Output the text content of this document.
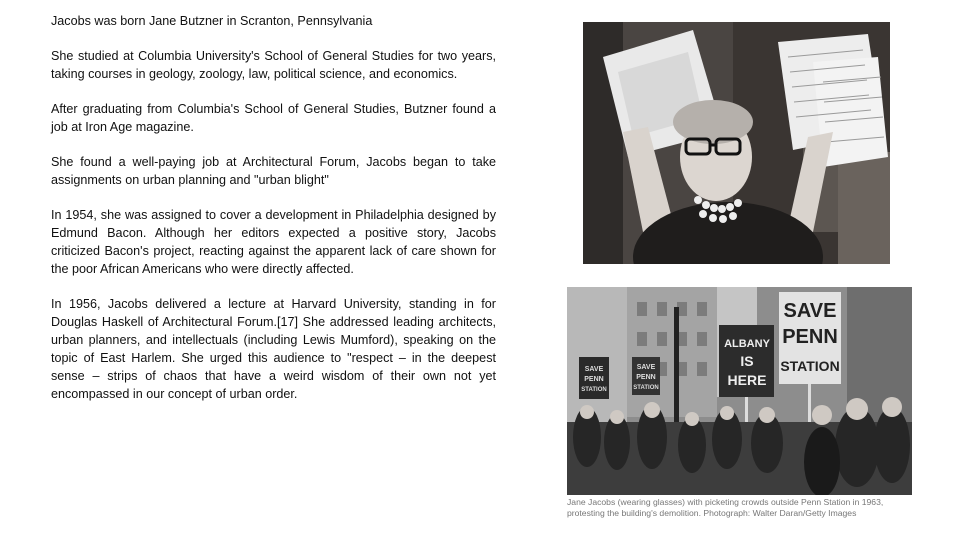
Jacobs was born Jane Butzner in Scranton, Pennsylvania

She studied at Columbia University's School of General Studies for two years, taking courses in geology, zoology, law, political science, and economics.

After graduating from Columbia's School of General Studies, Butzner found a job at Iron Age magazine.

She found a well-paying job at Architectural Forum, Jacobs began to take assignments on urban planning and "urban blight"

In 1954, she was assigned to cover a development in Philadelphia designed by Edmund Bacon. Although her editors expected a positive story, Jacobs criticized Bacon's project, reacting against the apparent lack of care shown for the poor African Americans who were directly affected.

In 1956, Jacobs delivered a lecture at Harvard University, standing in for Douglas Haskell of Architectural Forum.[17] She addressed leading architects, urban planners, and intellectuals (including Lewis Mumford), speaking on the topic of East Harlem. She urged this audience to "respect – in the deepest sense – strips of chaos that have a weird wisdom of their own not yet encompassed in our concept of urban order.

SAVE
PENN
STATION
SAVE
PENN
STATION
ALBANY
IS
HERE
SAVE
PENN
STATION
Jane Jacobs (wearing glasses) with picketing crowds outside Penn Station in 1963, protesting the building's demolition. Photograph: Walter Daran/Getty Images
